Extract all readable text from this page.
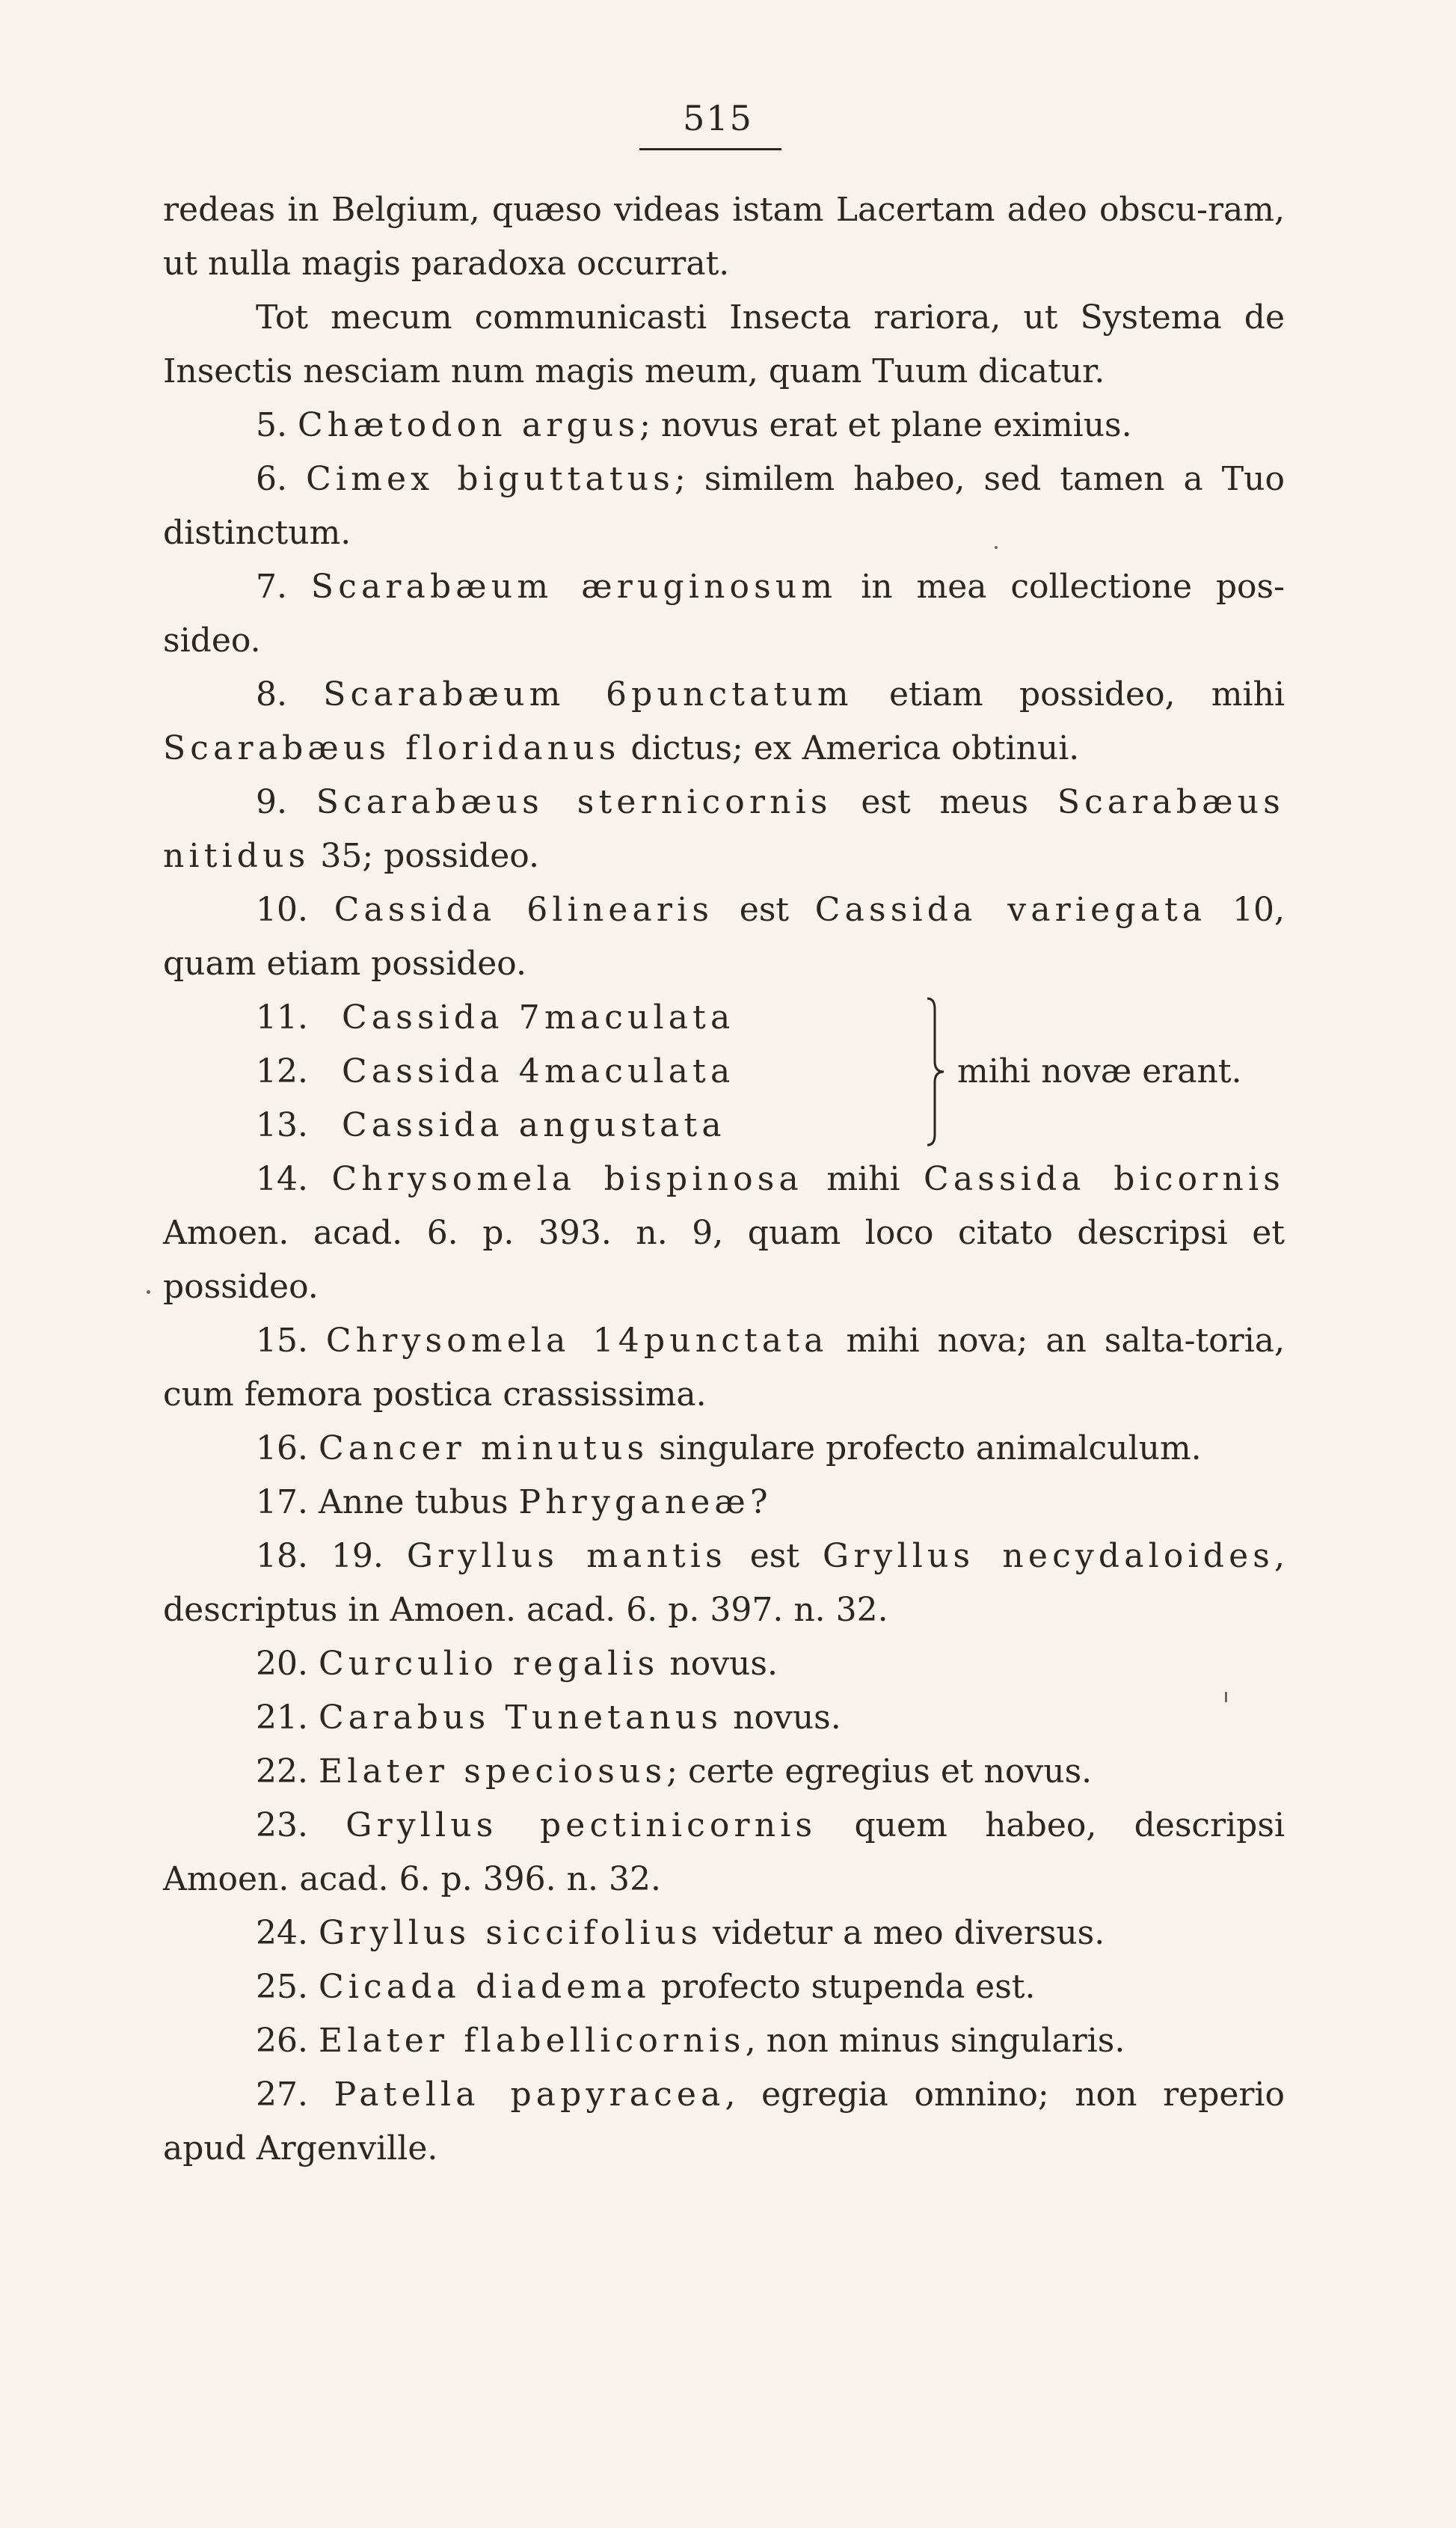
515

redeas in Belgium, quæso videas istam Lacertam adeo obscu-ram, ut nulla magis paradoxa occurrat.

Tot mecum communicasti Insecta rariora, ut Systema de Insectis nesciam num magis meum, quam Tuum dicatur.

5. Chætodon argus; novus erat et plane eximius.

6. Cimex biguttatus; similem habeo, sed tamen a Tuo distinctum.

7. Scarabæum æruginosum in mea collectione pos-sideo.

8. Scarabæum 6punctatum etiam possideo, mihi Scarabæus floridanus dictus; ex America obtinui.

9. Scarabæus sternicornis est meus Scarabæus nitidus 35; possideo.

10. Cassida 6linearis est Cassida variegata 10, quam etiam possideo.

11. Cassida 7maculata
12. Cassida 4maculata
13. Cassida angustata
mihi novæ erant.

14. Chrysomela bispinosa mihi Cassida bicornis Amoen. acad. 6. p. 393. n. 9, quam loco citato descripsi et possideo.

15. Chrysomela 14punctata mihi nova; an salta-toria, cum femora postica crassissima.

16. Cancer minutus singulare profecto animalculum.

17. Anne tubus Phryganeæ?

18. 19. Gryllus mantis est Gryllus necydaloides, descriptus in Amoen. acad. 6. p. 397. n. 32.

20. Curculio regalis novus.

21. Carabus Tunetanus novus.

22. Elater speciosus; certe egregius et novus.

23. Gryllus pectinicornis quem habeo, descripsi Amoen. acad. 6. p. 396. n. 32.

24. Gryllus siccifolius videtur a meo diversus.

25. Cicada diadema profecto stupenda est.

26. Elater flabellicornis, non minus singularis.

27. Patella papyracea, egregia omnino; non reperio apud Argenville.
